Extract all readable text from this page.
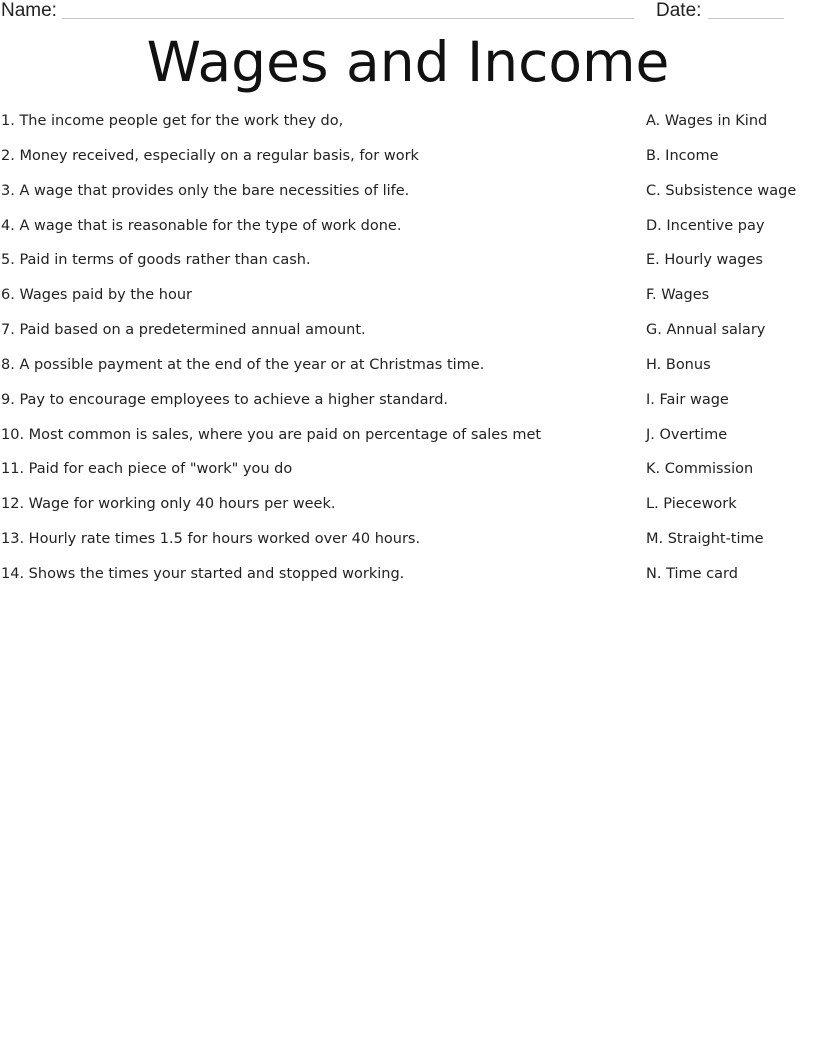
Name:	Date:
Wages and Income
1. The income people get for the work they do,	A. Wages in Kind
2. Money received, especially on a regular basis, for work	B. Income
3. A wage that provides only the bare necessities of life.	C. Subsistence wage
4. A wage that is reasonable for the type of work done.	D. Incentive pay
5. Paid in terms of goods rather than cash.	E. Hourly wages
6. Wages paid by the hour	F. Wages
7. Paid based on a predetermined annual amount.	G. Annual salary
8. A possible payment at the end of the year or at Christmas time.	H. Bonus
9. Pay to encourage employees to achieve a higher standard.	I. Fair wage
10. Most common is sales, where you are paid on percentage of sales met	J. Overtime
11. Paid for each piece of "work" you do	K. Commission
12. Wage for working only 40 hours per week.	L. Piecework
13. Hourly rate times 1.5 for hours worked over 40 hours.	M. Straight-time
14. Shows the times your started and stopped working.	N. Time card
